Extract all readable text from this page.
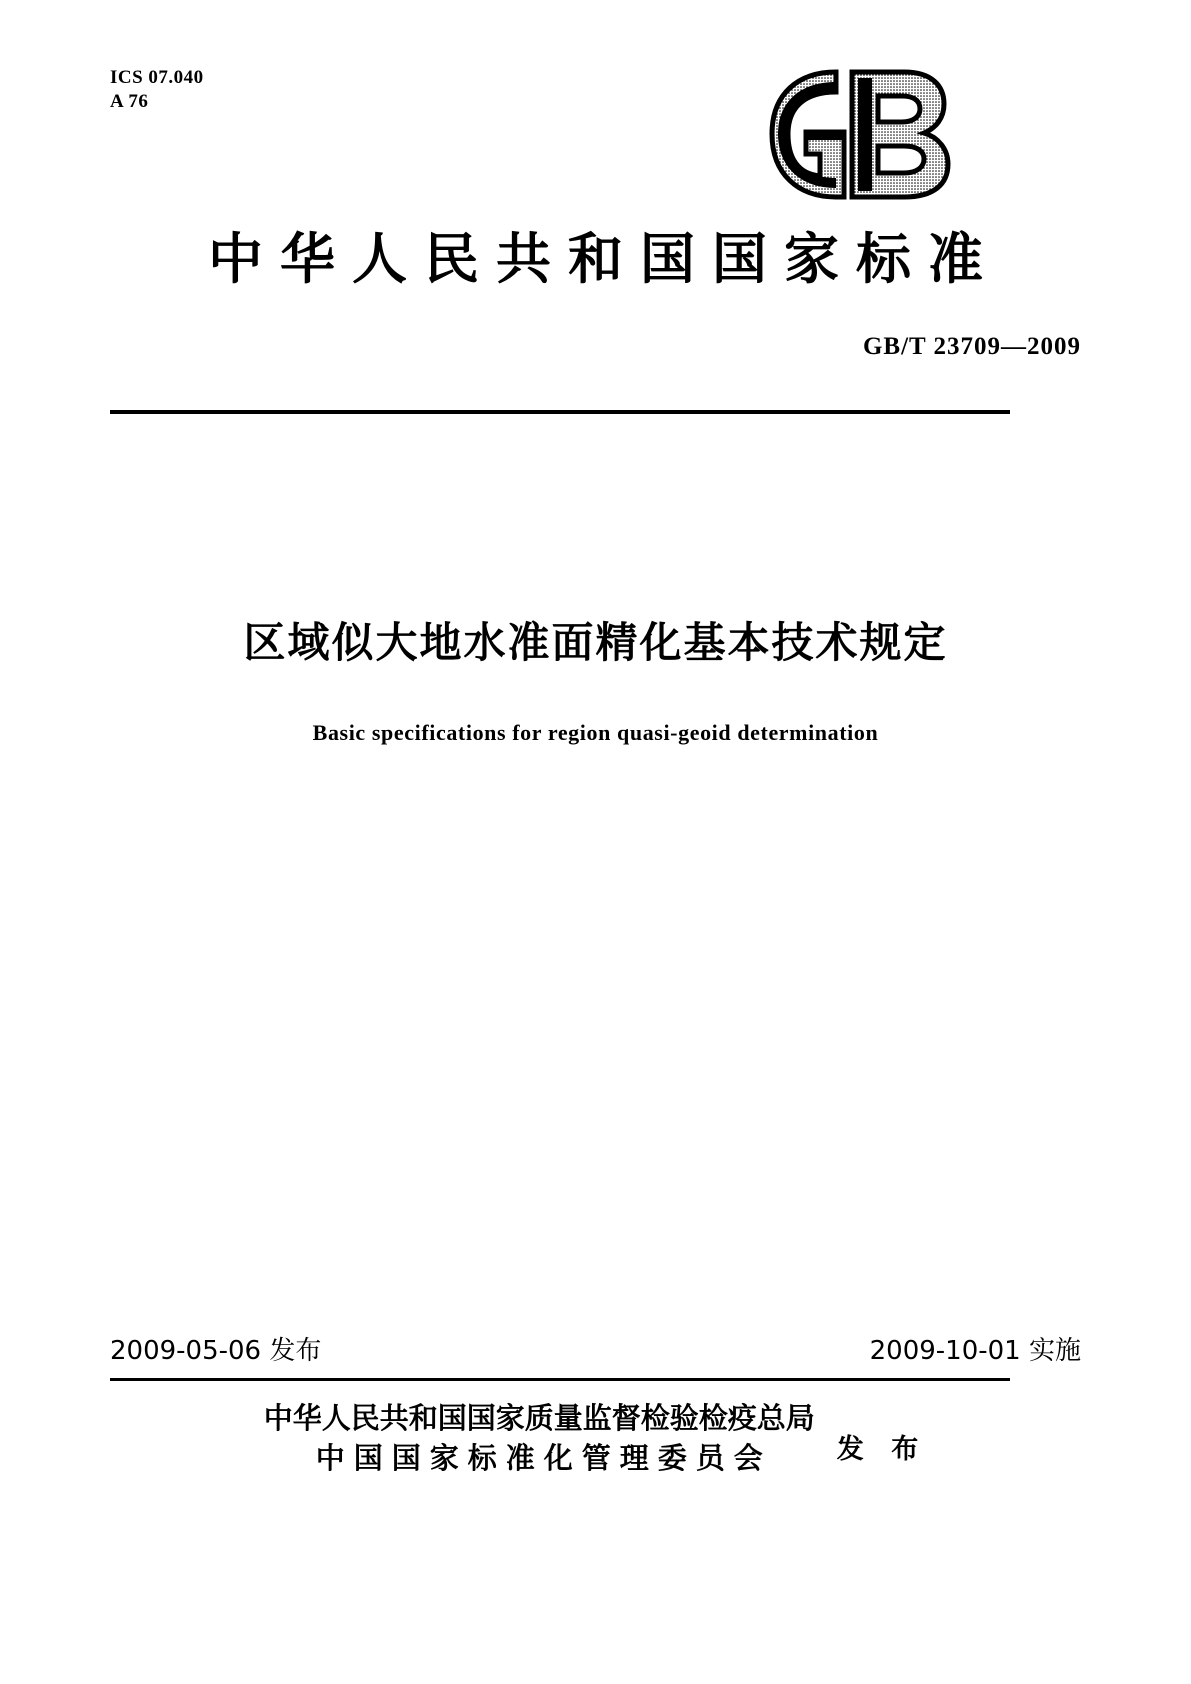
ICS 07.040
A 76
中华人民共和国国家标准
GB/T 23709—2009
区域似大地水准面精化基本技术规定
Basic specifications for region quasi-geoid determination
2009-05-06 发布	2009-10-01 实施
中华人民共和国国家质量监督检验检疫总局
中国国家标准化管理委员会	发 布
